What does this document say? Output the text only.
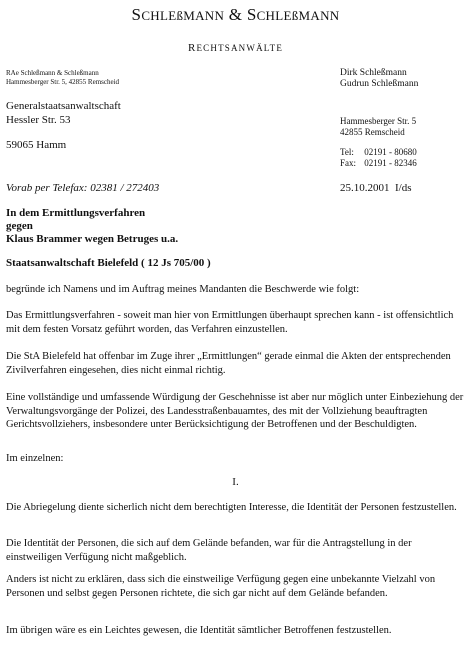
SCHLEßMANN & SCHLEßMANN
RECHTSANWÄLTE
RAe Schleßmann & Schleßmann
Hammesberger Str. 5, 42855 Remscheid
Dirk Schleßmann
Gudrun Schleßmann
Hammesberger Str. 5
42855 Remscheid
Tel: 02191 - 80680
Fax: 02191 - 82346
Generalstaatsanwaltschaft
Hessler Str. 53
59065 Hamm
Vorab per Telefax: 02381 / 272403	25.10.2001  I/ds
In dem Ermittlungsverfahren
gegen
Klaus Brammer wegen Betruges u.a.
Staatsanwaltschaft Bielefeld ( 12 Js 705/00 )
begründe ich Namens und im Auftrag meines Mandanten die Beschwerde wie folgt:
Das Ermittlungsverfahren - soweit man hier von Ermittlungen überhaupt sprechen kann - ist offensichtlich mit dem festen Vorsatz geführt worden, das Verfahren einzustellen.
Die StA Bielefeld hat offenbar im Zuge ihrer „Ermittlungen“ gerade einmal die Akten der entsprechenden Zivilverfahren eingesehen, dies nicht einmal richtig.
Eine vollständige und umfassende Würdigung der Geschehnisse ist aber nur möglich unter Einbeziehung der Verwaltungsvorgänge der Polizei, des Landesstraßenbauamtes, des mit der Vollziehung beauftragten Gerichtsvollziehers, insbesondere unter Berücksichtigung der Betroffenen und der Beschuldigten.
Im einzelnen:
I.
Die Abriegelung diente sicherlich nicht dem berechtigten Interesse, die Identität der Personen festzustellen.
Die Identität der Personen, die sich auf dem Gelände befanden, war für die Antragstellung in der einstweiligen Verfügung nicht maßgeblich.
Anders ist nicht zu erklären, dass sich die einstweilige Verfügung gegen eine unbekannte Vielzahl von Personen und selbst gegen Personen richtete, die sich gar nicht auf dem Gelände befanden.
Im übrigen wäre es ein Leichtes gewesen, die Identität sämtlicher Betroffenen festzustellen.
